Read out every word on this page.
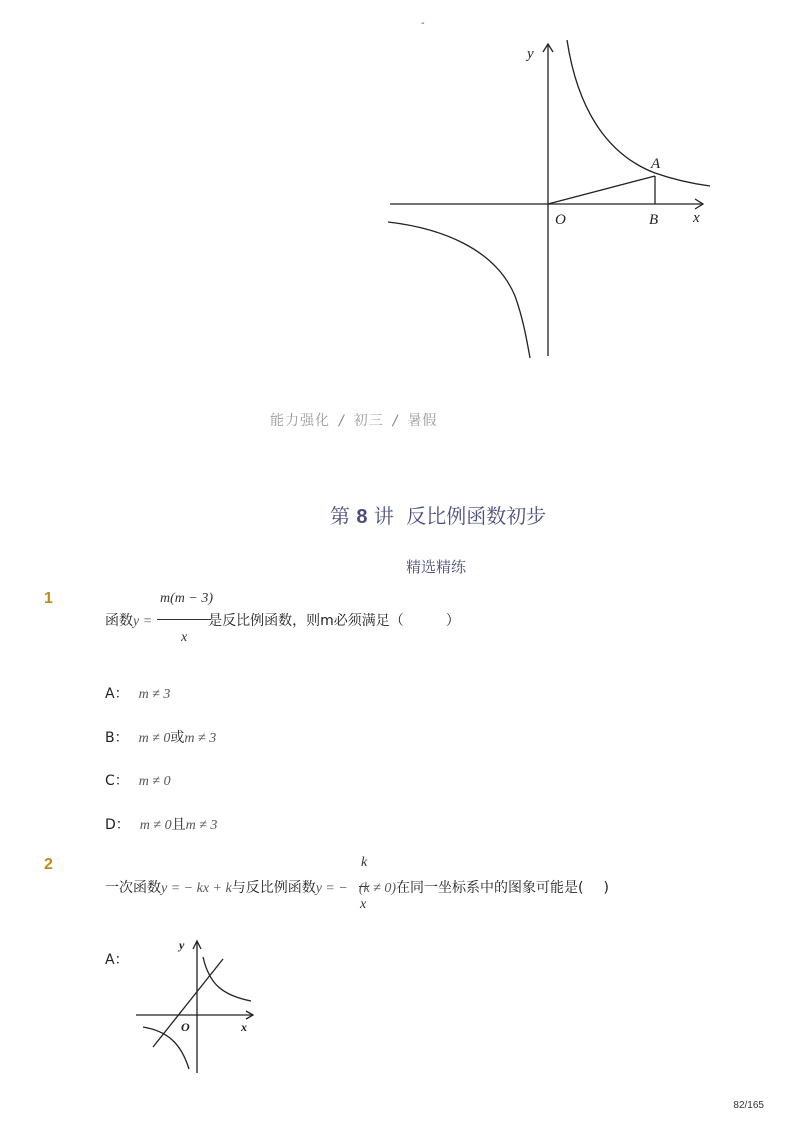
-
y
x
O
A
B
能力强化 / 初三 / 暑假
第 8 讲 反比例函数初步
精选精练
1	m(m − 3)
x
函数y =	是反比例函数，则m必须满足（	）
A： m ≠ 3
B： m ≠ 0或m ≠ 3
C： m ≠ 0
D： m ≠ 0且m ≠ 3
2	k
x
一次函数y = − kx + k与反比例函数y = − (k ≠ 0)在同一坐标系中的图象可能是( )
A：
y
x
O
82/165
